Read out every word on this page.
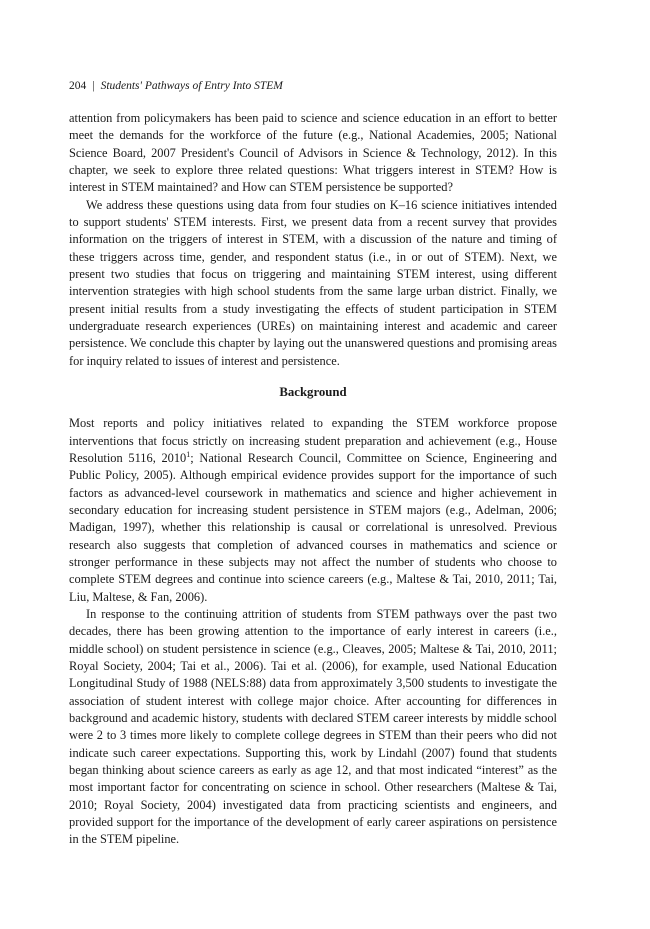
204 | Students' Pathways of Entry Into STEM

attention from policymakers has been paid to science and science education in an effort to better meet the demands for the workforce of the future (e.g., National Academies, 2005; National Science Board, 2007 President's Council of Advisors in Science & Technology, 2012). In this chapter, we seek to explore three related questions: What triggers interest in STEM? How is interest in STEM maintained? and How can STEM persistence be supported?

We address these questions using data from four studies on K–16 science initiatives intended to support students' STEM interests. First, we present data from a recent survey that provides information on the triggers of interest in STEM, with a discussion of the nature and timing of these triggers across time, gender, and respondent status (i.e., in or out of STEM). Next, we present two studies that focus on triggering and maintaining STEM interest, using different intervention strategies with high school students from the same large urban district. Finally, we present initial results from a study investigating the effects of student participation in STEM undergraduate research experiences (UREs) on maintaining interest and academic and career persistence. We conclude this chapter by laying out the unanswered questions and promising areas for inquiry related to issues of interest and persistence.

Background

Most reports and policy initiatives related to expanding the STEM workforce propose interventions that focus strictly on increasing student preparation and achievement (e.g., House Resolution 5116, 2010$^1$; National Research Council, Committee on Science, Engineering and Public Policy, 2005). Although empirical evidence provides support for the importance of such factors as advanced-level coursework in mathematics and science and higher achievement in secondary education for increasing student persistence in STEM majors (e.g., Adelman, 2006; Madigan, 1997), whether this relationship is causal or correlational is unresolved. Previous research also suggests that completion of advanced courses in mathematics and science or stronger performance in these subjects may not affect the number of students who choose to complete STEM degrees and continue into science careers (e.g., Maltese & Tai, 2010, 2011; Tai, Liu, Maltese, & Fan, 2006).

In response to the continuing attrition of students from STEM pathways over the past two decades, there has been growing attention to the importance of early interest in careers (i.e., middle school) on student persistence in science (e.g., Cleaves, 2005; Maltese & Tai, 2010, 2011; Royal Society, 2004; Tai et al., 2006). Tai et al. (2006), for example, used National Education Longitudinal Study of 1988 (NELS:88) data from approximately 3,500 students to investigate the association of student interest with college major choice. After accounting for differences in background and academic history, students with declared STEM career interests by middle school were 2 to 3 times more likely to complete college degrees in STEM than their peers who did not indicate such career expectations. Supporting this, work by Lindahl (2007) found that students began thinking about science careers as early as age 12, and that most indicated “interest” as the most important factor for concentrating on science in school. Other researchers (Maltese & Tai, 2010; Royal Society, 2004) investigated data from practicing scientists and engineers, and provided support for the importance of the development of early career aspirations on persistence in the STEM pipeline.
